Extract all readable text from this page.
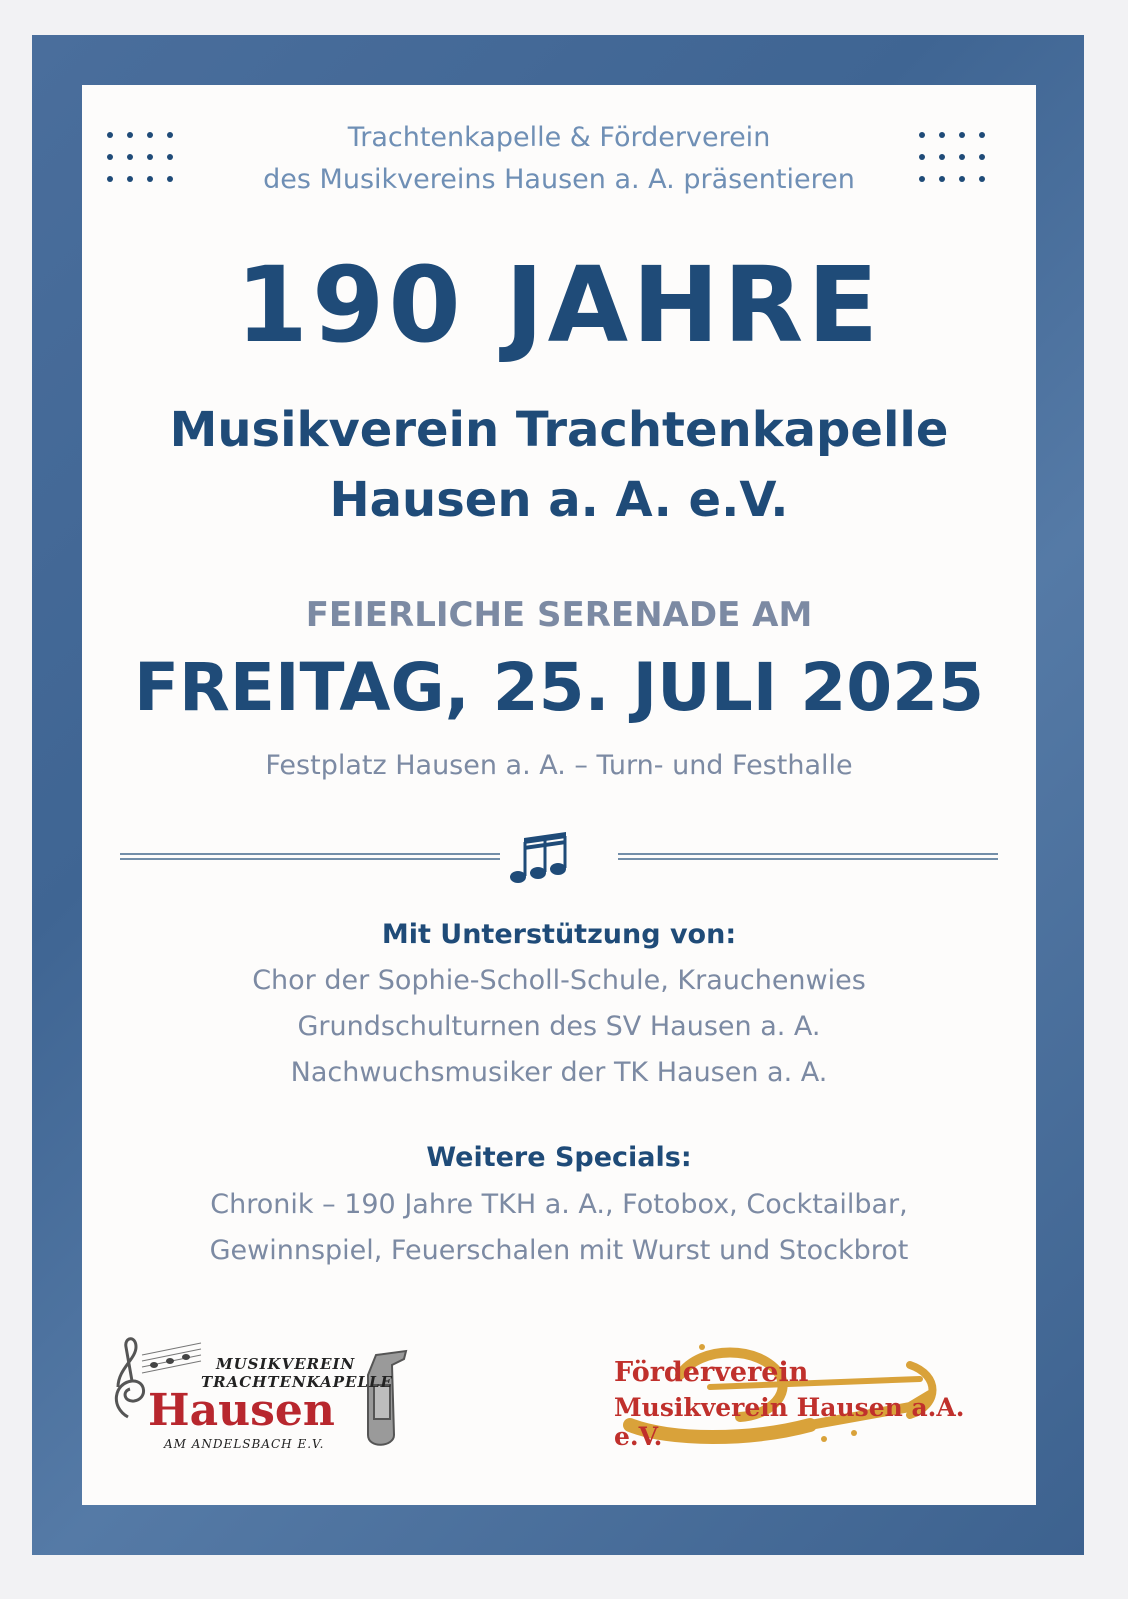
Trachtenkapelle & Förderverein
des Musikvereins Hausen a. A. präsentieren
190 JAHRE
Musikverein Trachtenkapelle
Hausen a. A. e.V.
FEIERLICHE SERENADE AM
FREITAG, 25. JULI 2025
Festplatz Hausen a. A. – Turn- und Festhalle
Mit Unterstützung von:
Chor der Sophie-Scholl-Schule, Krauchenwies
Grundschulturnen des SV Hausen a. A.
Nachwuchsmusiker der TK Hausen a. A.
Weitere Specials:
Chronik – 190 Jahre TKH a. A., Fotobox, Cocktailbar,
Gewinnspiel, Feuerschalen mit Wurst und Stockbrot
MUSIKVEREIN
TRACHTENKAPELLE
Hausen
AM ANDELSBACH E.V.
Förderverein
Musikverein Hausen a.A. e.V.
